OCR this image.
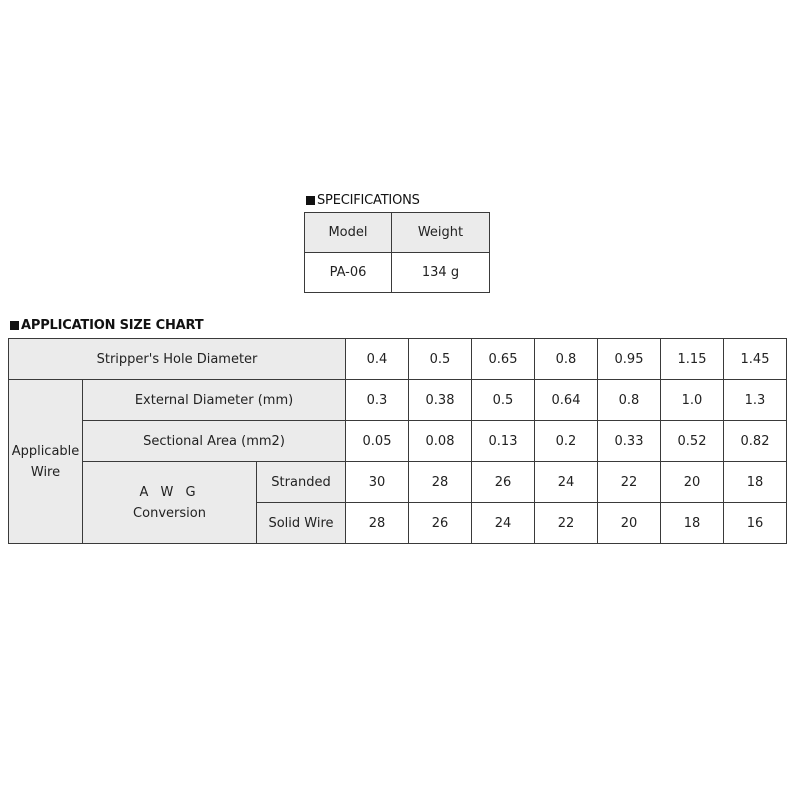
SPECIFICATIONS
Model	Weight
PA-06	134 g
APPLICATION SIZE CHART
Stripper's Hole Diameter			0.4	0.5	0.65	0.8	0.95	1.15	1.45
Applicable
Wire	External Diameter (mm)		0.3	0.38	0.5	0.64	0.8	1.0	1.3
	Sectional Area (mm2)		0.05	0.08	0.13	0.2	0.33	0.52	0.82
	A W G
Conversion	Stranded	30	28	26	24	22	20	18
		Solid Wire	28	26	24	22	20	18	16
